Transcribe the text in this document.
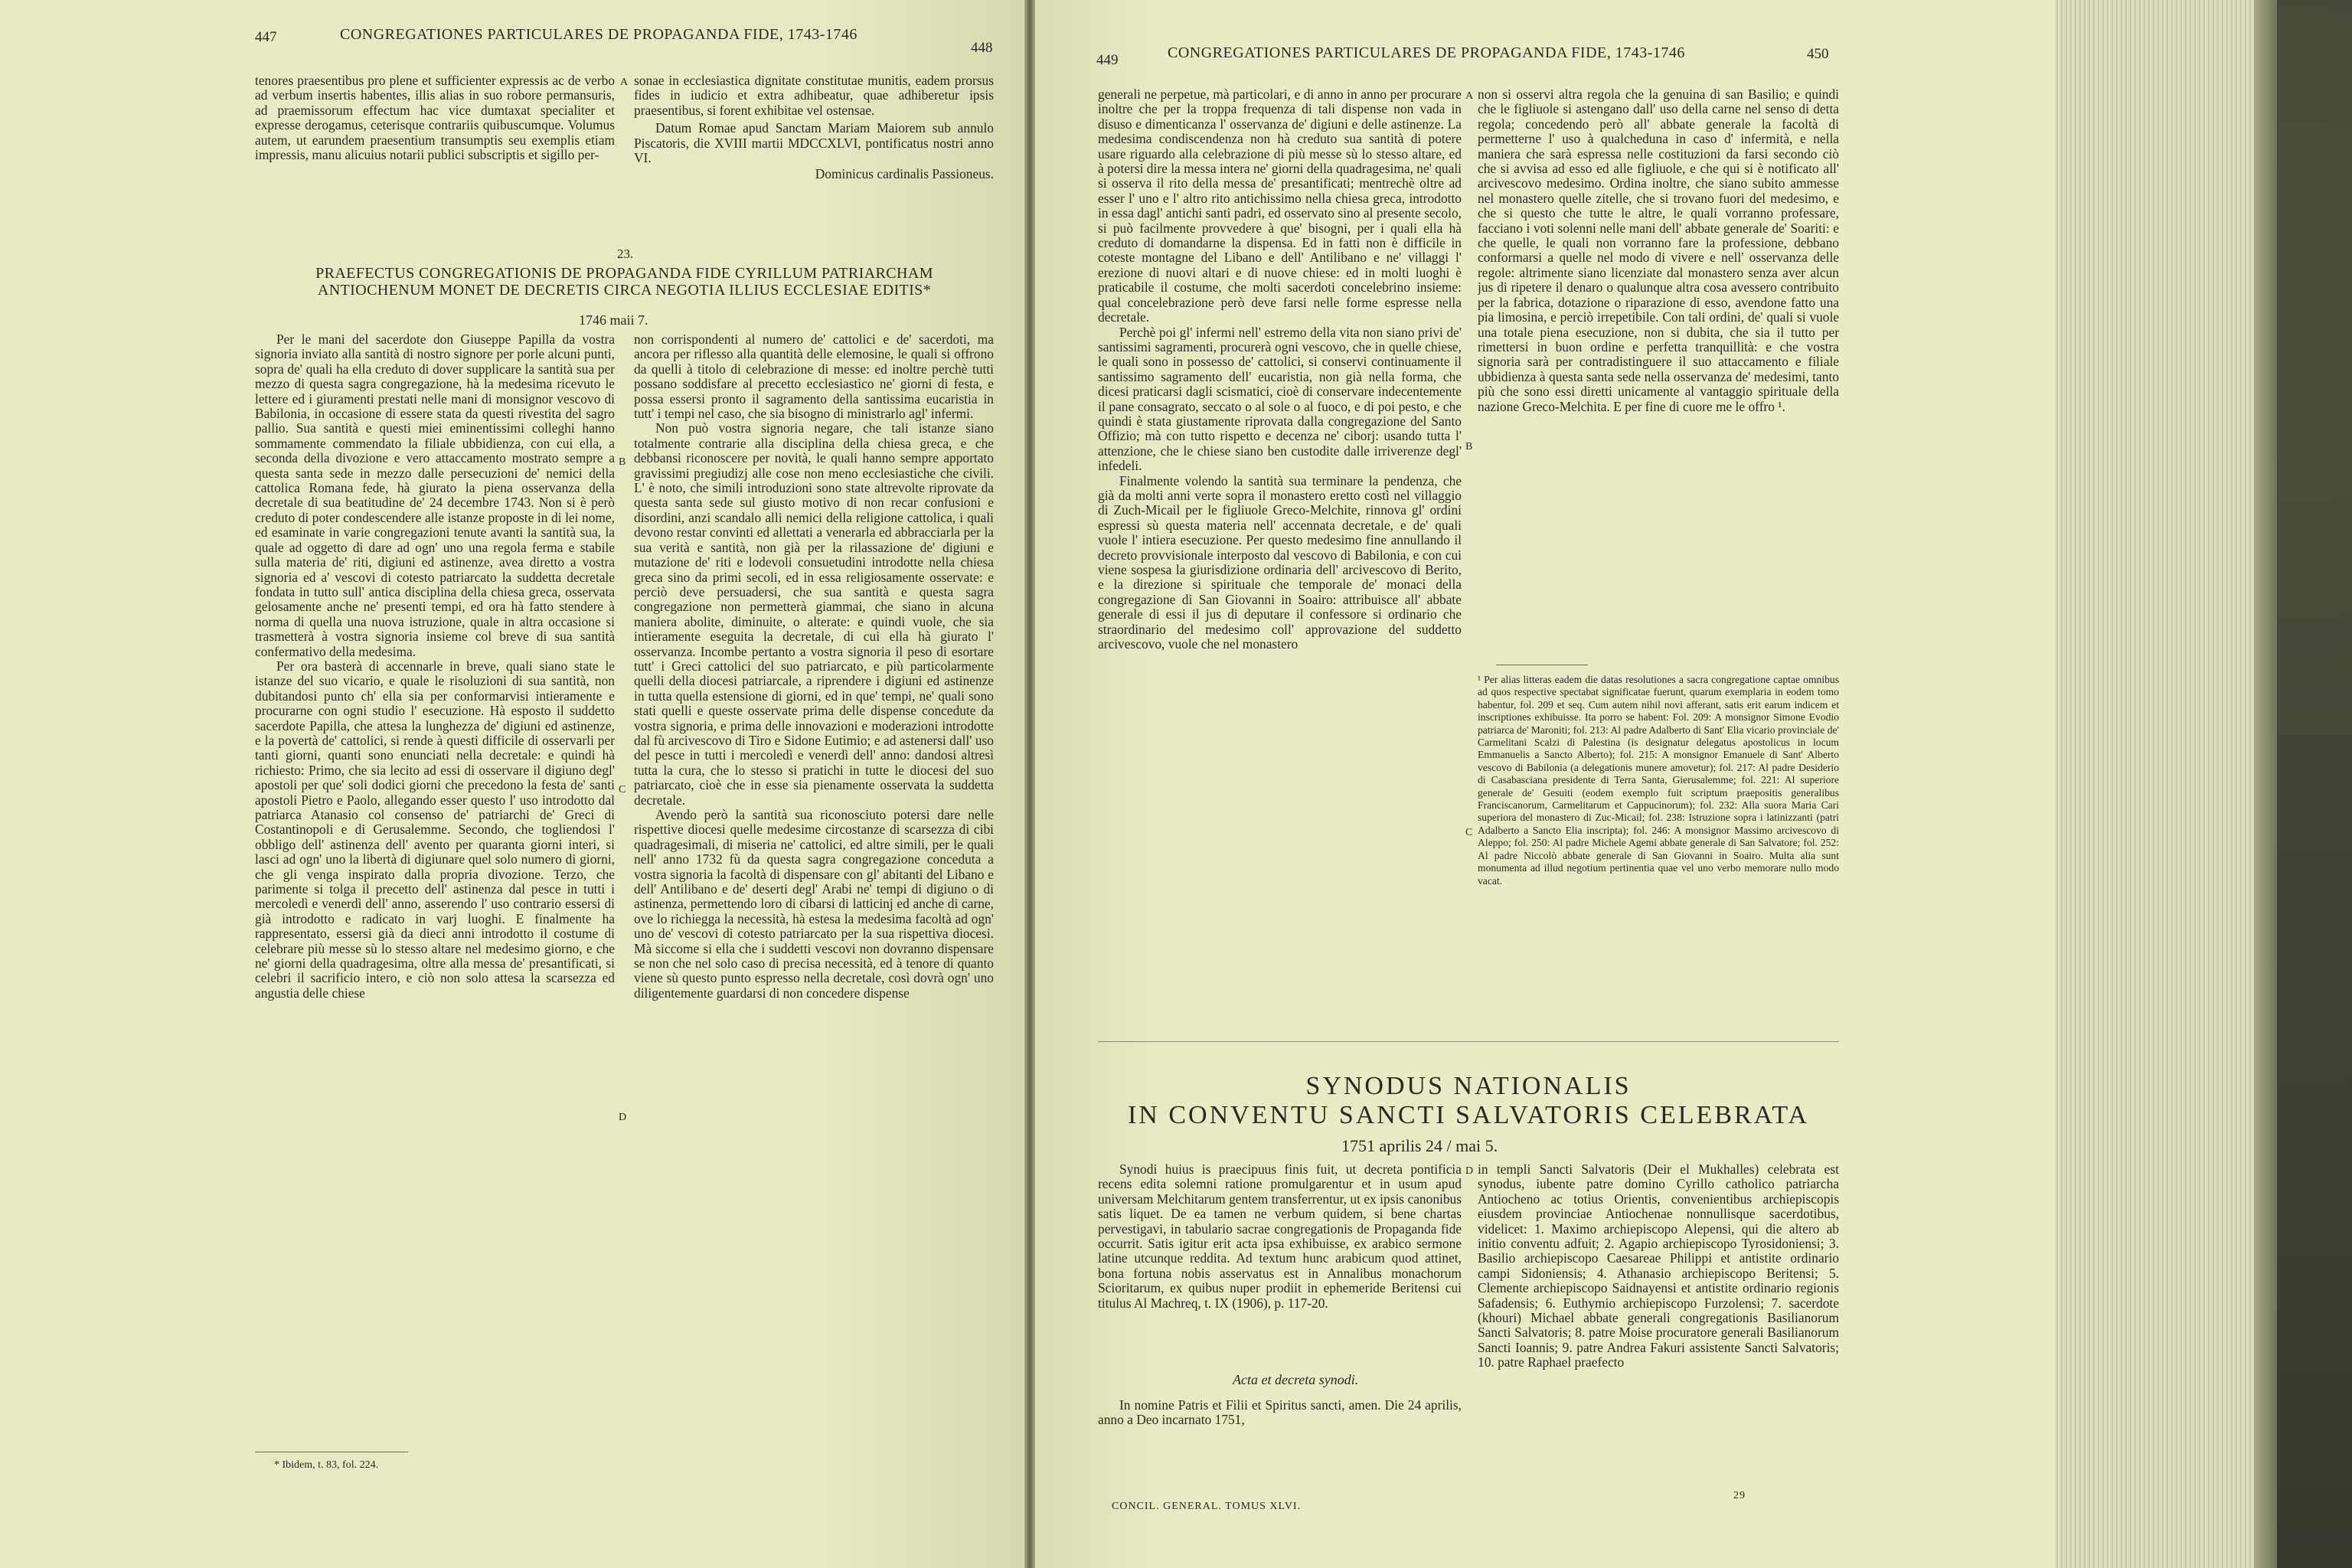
447	CONGREGATIONES PARTICULARES DE PROPAGANDA FIDE, 1743-1746
448

tenores praesentibus pro plene et sufficienter expressis ac de verbo ad verbum insertis habentes, illis alias in suo robore permansuris, ad praemissorum effectum hac vice dumtaxat specialiter et expresse derogamus, ceterisque contrariis quibuscumque. Volumus autem, ut earundem praesentium transumptis seu exemplis etiam impressis, manu alicuius notarii publici subscriptis et sigillo per-

A sonae in ecclesiastica dignitate constitutae munitis, eadem prorsus fides in iudicio et extra adhibeatur, quae adhiberetur ipsis praesentibus, si forent exhibitae vel ostensae.

Datum Romae apud Sanctam Mariam Maiorem sub annulo Piscatoris, die XVIII martii MDCCXLVI, pontificatus nostri anno VI.

Dominicus cardinalis Passioneus.
23.
PRAEFECTUS CONGREGATIONIS DE PROPAGANDA FIDE CYRILLUM PATRIARCHAM
ANTIOCHENUM MONET DE DECRETIS CIRCA NEGOTIA ILLIUS ECCLESIAE EDITIS*
1746 maii 7.

Per le mani del sacerdote don Giuseppe Papilla da vostra signoria inviato alla santità di nostro signore per porle alcuni punti, sopra de' quali ha ella creduto di dover supplicare la santità sua per mezzo di questa sagra congregazione, hà la medesima ricevuto le lettere ed i giuramenti prestati nelle mani di monsignor vescovo di Babilonia, in occasione di essere stata da questi rivestita del sagro pallio. Sua santità e questi miei eminentissimi colleghi hanno sommamente commendato la filiale ubbidienza, con cui ella, a seconda della divozione e vero attaccamento mostrato sempre a questa santa sede in mezzo dalle persecuzioni de' nemici della cattolica Romana fede, hà giurato la piena osservanza della decretale di sua beatitudine de' 24 decembre 1743. Non si è però creduto di poter condescendere alle istanze proposte in di lei nome, ed esaminate in varie congregazioni tenute avanti la santità sua, la quale ad oggetto di dare ad ogn' uno una regola ferma e stabile sulla materia de' riti, digiuni ed astinenze, avea diretto a vostra signoria ed a' vescovi di cotesto patriarcato la suddetta decretale fondata in tutto sull' antica disciplina della chiesa greca, osservata gelosamente anche ne' presenti tempi, ed ora hà fatto stendere à norma di quella una nuova istruzione, quale in altra occasione si trasmetterà à vostra signoria insieme col breve di sua santità confermativo della medesima.

Per ora basterà di accennarle in breve, quali siano state le istanze del suo vicario, e quale le risoluzioni di sua santità, non dubitandosi punto ch' ella sia per conformarvisi intieramente e procurarne con ogni studio l' esecuzione. Hà esposto il suddetto sacerdote Papilla, che attesa la lunghezza de' digiuni ed astinenze, e la povertà de' cattolici, si rende à questi difficile di osservarli per tanti giorni, quanti sono enunciati nella decretale: e quindi hà richiesto: Primo, che sia lecito ad essi di osservare il digiuno degl' apostoli per que' soli dodici giorni che precedono la festa de' santi apostoli Pietro e Paolo, allegando esser questo l' uso introdotto dal patriarca Atanasio col consenso de' patriarchi de' Greci di Costantinopoli e di Gerusalemme. Secondo, che togliendosi l' obbligo dell' astinenza dell' avento per quaranta giorni interi, si lasci ad ogn' uno la libertà di digiunare quel solo numero di giorni, che gli venga inspirato dalla propria divozione. Terzo, che parimente si tolga il precetto dell' astinenza dal pesce in tutti i mercoledì e venerdì dell' anno, asserendo l' uso contrario essersi di già introdotto e radicato in varj luoghi. E finalmente ha rappresentato, essersi già da dieci anni introdotto il costume di celebrare più messe sù lo stesso altare nel medesimo giorno, e che ne' giorni della quadragesima, oltre alla messa de' presantificati, si celebri il sacrificio intero, e ciò non solo attesa la scarsezza ed angustia delle chiese

B
C
D

non corrispondenti al numero de' cattolici e de' sacerdoti, ma ancora per riflesso alla quantità delle elemosine, le quali si offrono da quelli à titolo di celebrazione di messe: ed inoltre perchè tutti possano soddisfare al precetto ecclesiastico ne' giorni di festa, e possa essersi pronto il sagramento della santissima eucaristia in tutt' i tempi nel caso, che sia bisogno di ministrarlo agl' infermi.

Non può vostra signoria negare, che tali istanze siano totalmente contrarie alla disciplina della chiesa greca, e che debbansi riconoscere per novità, le quali hanno sempre apportato gravissimi pregiudizj alle cose non meno ecclesiastiche che civili. L' è noto, che simili introduzioni sono state altrevolte riprovate da questa santa sede sul giusto motivo di non recar confusioni e disordini, anzi scandalo alli nemici della religione cattolica, i quali devono restar convinti ed allettati a venerarla ed abbracciarla per la sua verità e santità, non già per la rilassazione de' digiuni e mutazione de' riti e lodevoli consuetudini introdotte nella chiesa greca sino da primi secoli, ed in essa religiosamente osservate: e perciò deve persuadersi, che sua santità e questa sagra congregazione non permetterà giammai, che siano in alcuna maniera abolite, diminuite, o alterate: e quindi vuole, che sia intieramente eseguita la decretale, di cui ella hà giurato l' osservanza. Incombe pertanto a vostra signoria il peso di esortare tutt' i Greci cattolici del suo patriarcato, e più particolarmente quelli della diocesi patriarcale, a riprendere i digiuni ed astinenze in tutta quella estensione di giorni, ed in que' tempi, ne' quali sono stati quelli e queste osservate prima delle dispense concedute da vostra signoria, e prima delle innovazioni e moderazioni introdotte dal fù arcivescovo di Tiro e Sidone Eutimio; e ad astenersi dall' uso del pesce in tutti i mercoledì e venerdì dell' anno: dandosi altresì tutta la cura, che lo stesso si pratichi in tutte le diocesi del suo patriarcato, cioè che in esse sia pienamente osservata la suddetta decretale.

Avendo però la santità sua riconosciuto potersi dare nelle rispettive diocesi quelle medesime circostanze di scarsezza di cibi quadragesimali, di miseria ne' cattolici, ed altre simili, per le quali nell' anno 1732 fù da questa sagra congregazione conceduta a vostra signoria la facoltà di dispensare con gl' abitanti del Libano e dell' Antilibano e de' deserti degl' Arabi ne' tempi di digiuno o di astinenza, permettendo loro di cibarsi di latticinj ed anche di carne, ove lo richiegga la necessità, hà estesa la medesima facoltà ad ogn' uno de' vescovi di cotesto patriarcato per la sua rispettiva diocesi. Mà siccome si ella che i suddetti vescovi non dovranno dispensare se non che nel solo caso di precisa necessità, ed à tenore di quanto viene sù questo punto espresso nella decretale, così dovrà ogn' uno diligentemente guardarsi di non concedere dispense

* Ibidem, t. 83, fol. 224.
449	CONGREGATIONES PARTICULARES DE PROPAGANDA FIDE, 1743-1746	450

generali ne perpetue, mà particolari, e di anno in anno per procurare inoltre che per la troppa frequenza di tali dispense non vada in disuso e dimenticanza l' osservanza de' digiuni e delle astinenze. La medesima condiscendenza non hà creduto sua santità di potere usare riguardo alla celebrazione di più messe sù lo stesso altare, ed à potersi dire la messa intera ne' giorni della quadragesima, ne' quali si osserva il rito della messa de' presantificati; mentrechè oltre ad esser l' uno e l' altro rito antichissimo nella chiesa greca, introdotto in essa dagl' antichi santi padri, ed osservato sino al presente secolo, si può facilmente provvedere à que' bisogni, per i quali ella hà creduto di domandarne la dispensa. Ed in fatti non è difficile in coteste montagne del Libano e dell' Antilibano e ne' villaggi l' erezione di nuovi altari e di nuove chiese: ed in molti luoghi è praticabile il costume, che molti sacerdoti concelebrino insieme: qual concelebrazione però deve farsi nelle forme espresse nella decretale.

Perchè poi gl' infermi nell' estremo della vita non siano privi de' santissimi sagramenti, procurerà ogni vescovo, che in quelle chiese, le quali sono in possesso de' cattolici, si conservi continuamente il santissimo sagramento dell' eucaristia, non già nella forma, che dicesi praticarsi dagli scismatici, cioè di conservare indecentemente il pane consagrato, seccato o al sole o al fuoco, e di poi pesto, e che quindi è stata giustamente riprovata dalla congregazione del Santo Offizio; mà con tutto rispetto e decenza ne' ciborj: usando tutta l' attenzione, che le chiese siano ben custodite dalle irriverenze degl' infedeli.

Finalmente volendo la santità sua terminare la pendenza, che già da molti anni verte sopra il monastero eretto costì nel villaggio di Zuch-Micail per le figliuole Greco-Melchite, rinnova gl' ordini espressi sù questa materia nell' accennata decretale, e de' quali vuole l' intiera esecuzione. Per questo medesimo fine annullando il decreto provvisionale interposto dal vescovo di Babilonia, e con cui viene sospesa la giurisdizione ordinaria dell' arcivescovo di Berito, e la direzione si spirituale che temporale de' monaci della congregazione di San Giovanni in Soairo: attribuisce all' abbate generale di essi il jus di deputare il confessore si ordinario che straordinario del medesimo coll' approvazione del suddetto arcivescovo, vuole che nel monastero

A
B
C

non si osservi altra regola che la genuina di san Basilio; e quindi che le figliuole si astengano dall' uso della carne nel senso di detta regola; concedendo però all' abbate generale la facoltà di permetterne l' uso à qualcheduna in caso d' infermità, e nella maniera che sarà espressa nelle costituzioni da farsi secondo ciò che si avvisa ad esso ed alle figliuole, e che qui si è notificato all' arcivescovo medesimo. Ordina inoltre, che siano subito ammesse nel monastero quelle zitelle, che si trovano fuori del medesimo, e che si questo che tutte le altre, le quali vorranno professare, facciano i voti solenni nelle mani dell' abbate generale de' Soariti: e che quelle, le quali non vorranno fare la professione, debbano conformarsi a quelle nel modo di vivere e nell' osservanza delle regole: altrimente siano licenziate dal monastero senza aver alcun jus di ripetere il denaro o qualunque altra cosa avessero contribuito per la fabrica, dotazione o riparazione di esso, avendone fatto una pia limosina, e perciò irrepetibile. Con tali ordini, de' quali si vuole una totale piena esecuzione, non si dubita, che sia il tutto per rimettersi in buon ordine e perfetta tranquillità: e che vostra signoria sarà per contradistinguere il suo attaccamento e filiale ubbidienza à questa santa sede nella osservanza de' medesimi, tanto più che sono essi diretti unicamente al vantaggio spirituale della nazione Greco-Melchita. E per fine di cuore me le offro ¹.

¹ Per alias litteras eadem die datas resolutiones a sacra congregatione captae omnibus ad quos respective spectabat significatae fuerunt, quarum exemplaria in eodem tomo habentur, fol. 209 et seq. Cum autem nihil novi afferant, satis erit earum indicem et inscriptiones exhibuisse. Ita porro se habent: Fol. 209: A monsignor Simone Evodio patriarca de' Maroniti; fol. 213: Al padre Adalberto di Sant' Elia vicario provinciale de' Carmelitani Scalzi di Palestina (is designatur delegatus apostolicus in locum Emmanuelis a Sancto Alberto); fol. 215: A monsignor Emanuele di Sant' Alberto vescovo di Babilonia (a delegationis munere amovetur); fol. 217: Al padre Desiderio di Casabasciana presidente di Terra Santa, Gierusalemme; fol. 221: Al superiore generale de' Gesuiti (eodem exemplo fuit scriptum praepositis generalibus Franciscanorum, Carmelitarum et Cappucinorum); fol. 232: Alla suora Maria Cari superiora del monastero di Zuc-Micail; fol. 238: Istruzione sopra i latinizzanti (patri Adalberto a Sancto Elia inscripta); fol. 246: A monsignor Massimo arcivescovo di Aleppo; fol. 250: Al padre Michele Agemi abbate generale di San Salvatore; fol. 252: Al padre Niccolò abbate generale di San Giovanni in Soairo. Multa alia sunt monumenta ad illud negotium pertinentia quae vel uno verbo memorare nullo modo vacat.
SYNODUS NATIONALIS
IN CONVENTU SANCTI SALVATORIS CELEBRATA
1751 aprilis 24 / mai 5.

Synodi huius is praecipuus finis fuit, ut decreta pontificia recens edita solemni ratione promulgarentur et in usum apud universam Melchitarum gentem transferrentur, ut ex ipsis canonibus satis liquet. De ea tamen ne verbum quidem, si bene chartas pervestigavi, in tabulario sacrae congregationis de Propaganda fide occurrit. Satis igitur erit acta ipsa exhibuisse, ex arabico sermone latine utcunque reddita. Ad textum hunc arabicum quod attinet, bona fortuna nobis asservatus est in Annalibus monachorum Scioritarum, ex quibus nuper prodiit in ephemeride Beritensi cui titulus Al Machreq, t. IX (1906), p. 117-20.

D
Acta et decreta synodi.

In nomine Patris et Filii et Spiritus sancti, amen. Die 24 aprilis, anno a Deo incarnato 1751,

in templi Sancti Salvatoris (Deir el Mukhalles) celebrata est synodus, iubente patre domino Cyrillo catholico patriarcha Antiocheno ac totius Orientis, convenientibus archiepiscopis eiusdem provinciae Antiochenae nonnullisque sacerdotibus, videlicet: 1. Maximo archiepiscopo Alepensi, qui die altero ab initio conventu adfuit; 2. Agapio archiepiscopo Tyrosidoniensi; 3. Basilio archiepiscopo Caesareae Philippi et antistite ordinario campi Sidoniensis; 4. Athanasio archiepiscopo Beritensi; 5. Clemente archiepiscopo Saidnayensi et antistite ordinario regionis Safadensis; 6. Euthymio archiepiscopo Furzolensi; 7. sacerdote (khouri) Michael abbate generali congregationis Basilianorum Sancti Salvatoris; 8. patre Moise procuratore generali Basilianorum Sancti Ioannis; 9. patre Andrea Fakuri assistente Sancti Salvatoris; 10. patre Raphael praefecto

CONCIL. GENERAL. TOMUS XLVI.
29
